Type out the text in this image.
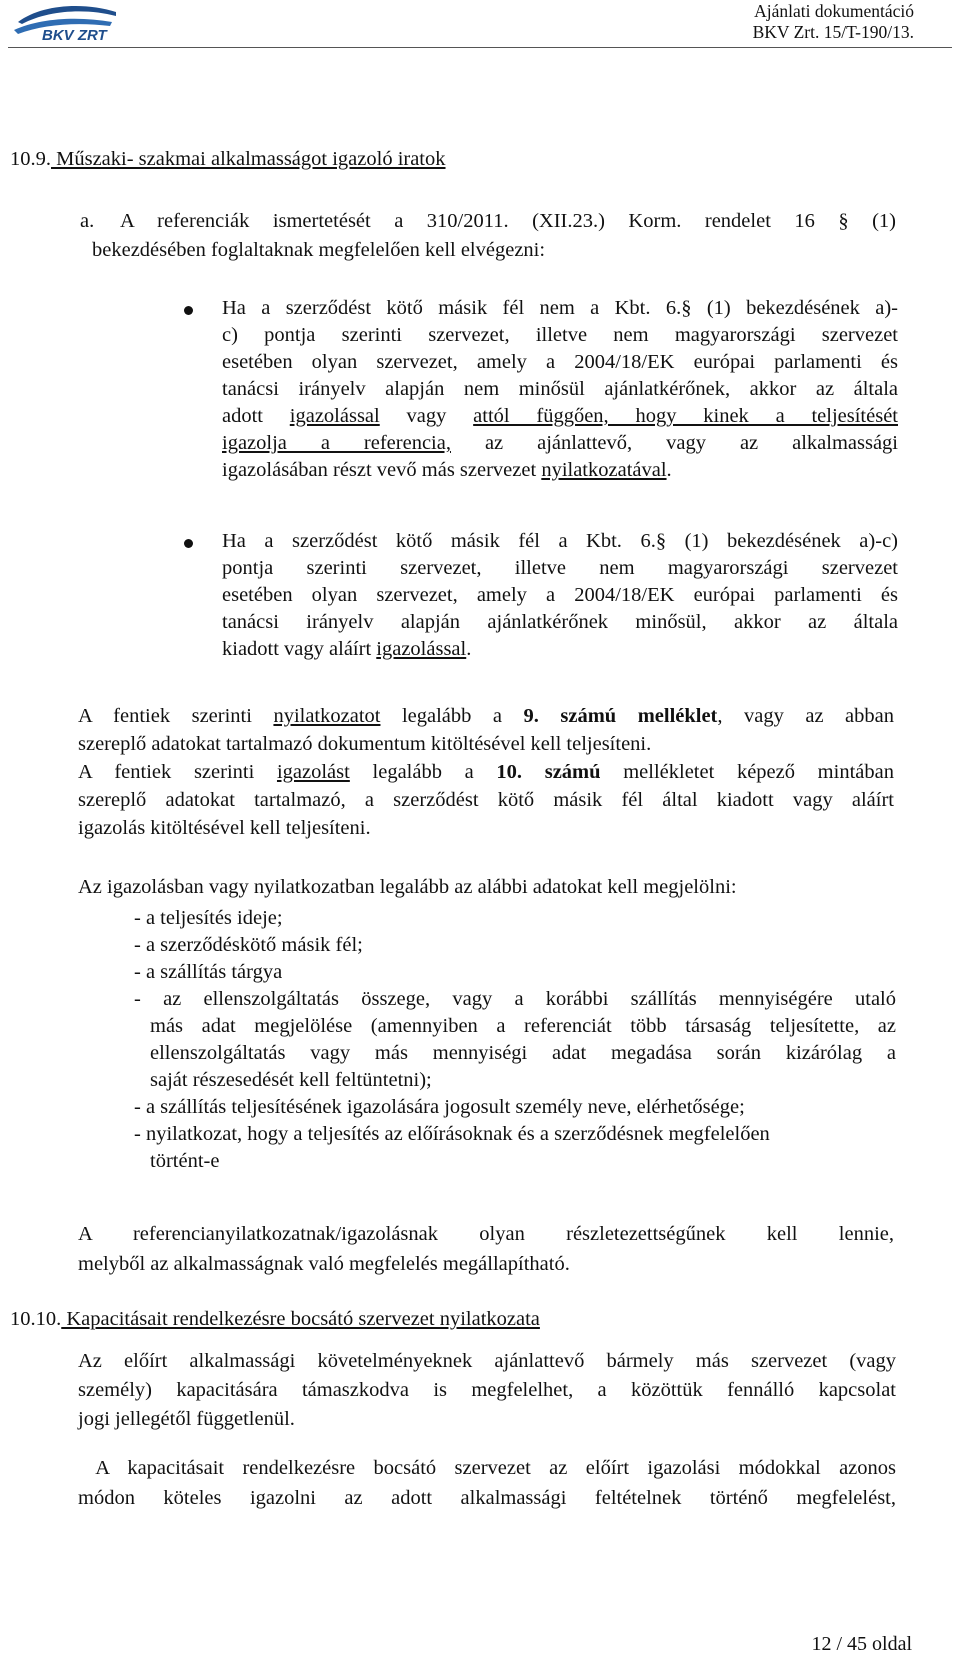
BKV ZRT
Ajánlati dokumentáció
BKV Zrt. 15/T-190/13.
10.9. Műszaki- szakmai alkalmasságot igazoló iratok
a. A referenciák ismertetését a 310/2011. (XII.23.) Korm. rendelet 16 § (1)
bekezdésében foglaltaknak megfelelően kell elvégezni:
Ha a szerződést kötő másik fél nem a Kbt. 6.§ (1) bekezdésének a)-
c) pontja szerinti szervezet, illetve nem magyarországi szervezet
esetében olyan szervezet, amely a 2004/18/EK európai parlamenti és
tanácsi irányelv alapján nem minősül ajánlatkérőnek, akkor az általa
adott igazolással vagy attól függően, hogy kinek a teljesítését
igazolja a referencia, az ajánlattevő, vagy az alkalmassági
igazolásában részt vevő más szervezet nyilatkozatával.
Ha a szerződést kötő másik fél a Kbt. 6.§ (1) bekezdésének a)-c)
pontja szerinti szervezet, illetve nem magyarországi szervezet
esetében olyan szervezet, amely a 2004/18/EK európai parlamenti és
tanácsi irányelv alapján ajánlatkérőnek minősül, akkor az általa
kiadott vagy aláírt igazolással.
A fentiek szerinti nyilatkozatot legalább a 9. számú melléklet, vagy az abban
szereplő adatokat tartalmazó dokumentum kitöltésével kell teljesíteni.
A fentiek szerinti igazolást legalább a 10. számú mellékletet képező mintában
szereplő adatokat tartalmazó, a szerződést kötő másik fél által kiadott vagy aláírt
igazolás kitöltésével kell teljesíteni.
Az igazolásban vagy nyilatkozatban legalább az alábbi adatokat kell megjelölni:
- a teljesítés ideje;
- a szerződéskötő másik fél;
- a szállítás tárgya
- az ellenszolgáltatás összege, vagy a korábbi szállítás mennyiségére utaló
más adat megjelölése (amennyiben a referenciát több társaság teljesítette, az
ellenszolgáltatás vagy más mennyiségi adat megadása során kizárólag a
saját részesedését kell feltüntetni);
- a szállítás teljesítésének igazolására jogosult személy neve, elérhetősége;
- nyilatkozat, hogy a teljesítés az előírásoknak és a szerződésnek megfelelően
történt-e
A referencianyilatkozatnak/igazolásnak olyan részletezettségűnek kell lennie,
melyből az alkalmasságnak való megfelelés megállapítható.
10.10. Kapacitásait rendelkezésre bocsátó szervezet nyilatkozata
Az előírt alkalmassági követelményeknek ajánlattevő bármely más szervezet (vagy
személy) kapacitására támaszkodva is megfelelhet, a közöttük fennálló kapcsolat
jogi jellegétől függetlenül.
A kapacitásait rendelkezésre bocsátó szervezet az előírt igazolási módokkal azonos
módon köteles igazolni az adott alkalmassági feltételnek történő megfelelést,
12 / 45 oldal
